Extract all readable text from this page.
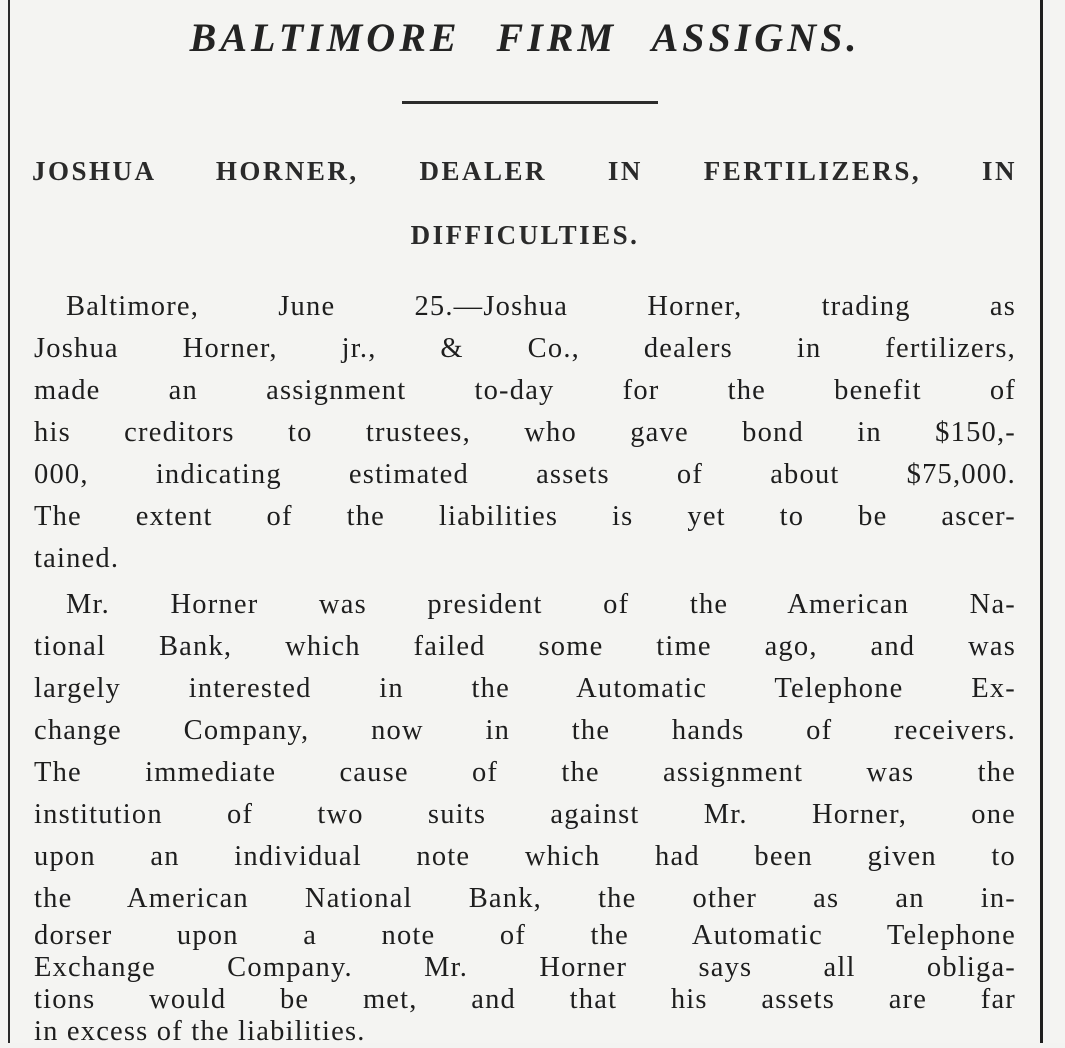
BALTIMORE FIRM ASSIGNS.
JOSHUA HORNER, DEALER IN FERTILIZERS, IN
DIFFICULTIES.
Baltimore, June 25.—Joshua Horner, trading as
Joshua Horner, jr., & Co., dealers in fertilizers,
made an assignment to-day for the benefit of
his creditors to trustees, who gave bond in $150,-
000, indicating estimated assets of about $75,000.
The extent of the liabilities is yet to be ascer-
tained.
Mr. Horner was president of the American Na-
tional Bank, which failed some time ago, and was
largely interested in the Automatic Telephone Ex-
change Company, now in the hands of receivers.
The immediate cause of the assignment was the
institution of two suits against Mr. Horner, one
upon an individual note which had been given to
the American National Bank, the other as an in-
dorser upon a note of the Automatic Telephone
Exchange Company. Mr. Horner says all obliga-
tions would be met, and that his assets are far
in excess of the liabilities.
